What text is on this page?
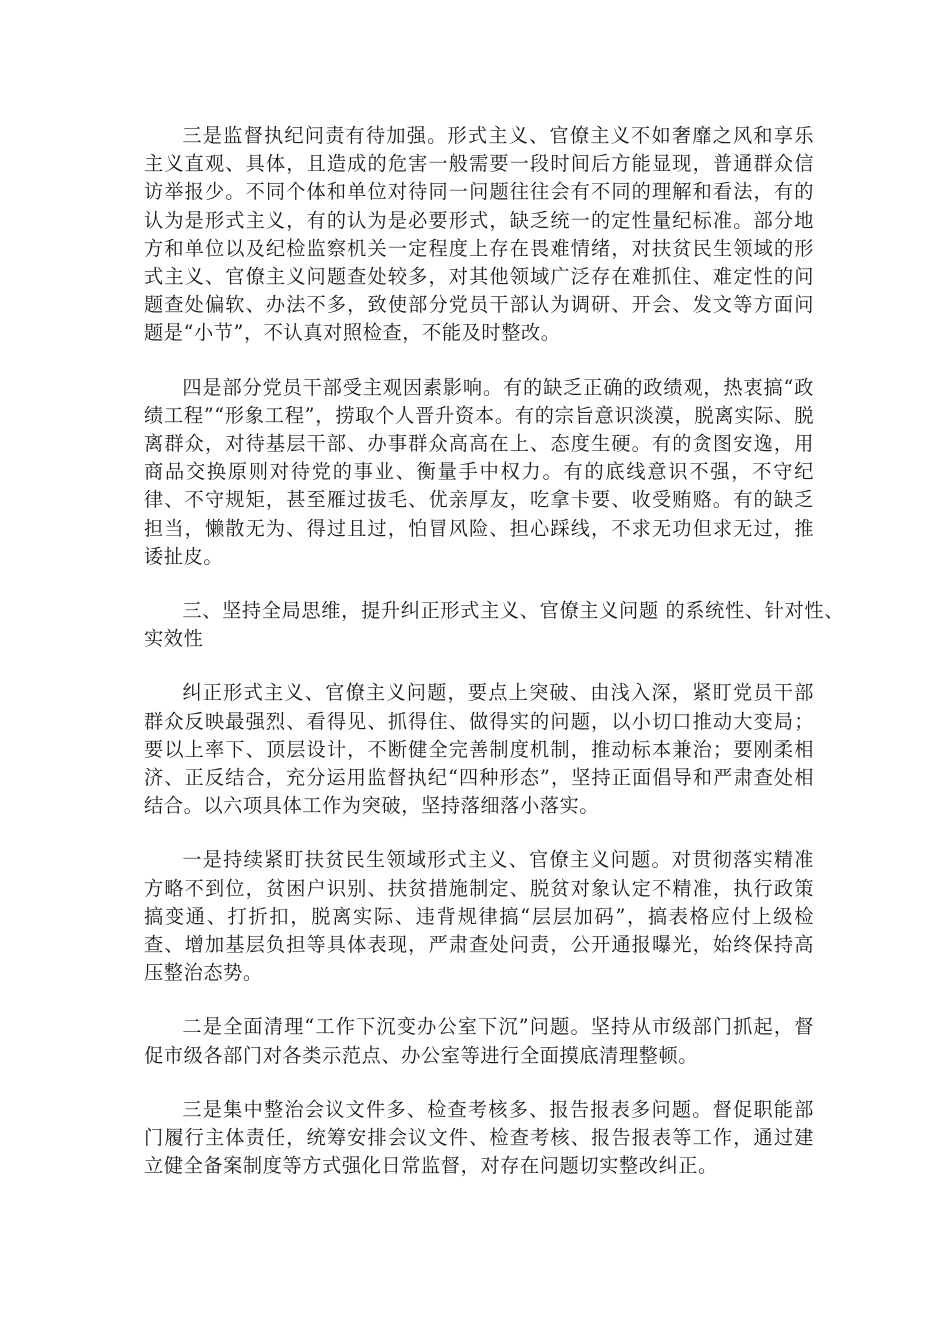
三是监督执纪问责有待加强。形式主义、官僚主义不如奢靡之风和享乐主义直观、具体，且造成的危害一般需要一段时间后方能显现，普通群众信访举报少。不同个体和单位对待同一问题往往会有不同的理解和看法，有的认为是形式主义，有的认为是必要形式，缺乏统一的定性量纪标准。部分地方和单位以及纪检监察机关一定程度上存在畏难情绪，对扶贫民生领域的形式主义、官僚主义问题查处较多，对其他领域广泛存在难抓住、难定性的问题查处偏软、办法不多，致使部分党员干部认为调研、开会、发文等方面问题是“小节”，不认真对照检查，不能及时整改。

四是部分党员干部受主观因素影响。有的缺乏正确的政绩观，热衷搞“政绩工程”“形象工程”，捞取个人晋升资本。有的宗旨意识淡漠，脱离实际、脱离群众，对待基层干部、办事群众高高在上、态度生硬。有的贪图安逸，用商品交换原则对待党的事业、衡量手中权力。有的底线意识不强，不守纪律、不守规矩，甚至雁过拔毛、优亲厚友，吃拿卡要、收受贿赂。有的缺乏担当，懒散无为、得过且过，怕冒风险、担心踩线，不求无功但求无过，推诿扯皮。

三、坚持全局思维，提升纠正形式主义、官僚主义问题 的系统性、针对性、实效性

纠正形式主义、官僚主义问题，要点上突破、由浅入深，紧盯党员干部群众反映最强烈、看得见、抓得住、做得实的问题，以小切口推动大变局；要以上率下、顶层设计，不断健全完善制度机制，推动标本兼治；要刚柔相济、正反结合，充分运用监督执纪“四种形态”，坚持正面倡导和严肃查处相结合。以六项具体工作为突破，坚持落细落小落实。

一是持续紧盯扶贫民生领域形式主义、官僚主义问题。对贯彻落实精准方略不到位，贫困户识别、扶贫措施制定、脱贫对象认定不精准，执行政策搞变通、打折扣，脱离实际、违背规律搞“层层加码”，搞表格应付上级检查、增加基层负担等具体表现，严肃查处问责，公开通报曝光，始终保持高压整治态势。

二是全面清理“工作下沉变办公室下沉”问题。坚持从市级部门抓起，督促市级各部门对各类示范点、办公室等进行全面摸底清理整顿。

三是集中整治会议文件多、检查考核多、报告报表多问题。督促职能部门履行主体责任，统筹安排会议文件、检查考核、报告报表等工作，通过建立健全备案制度等方式强化日常监督，对存在问题切实整改纠正。
